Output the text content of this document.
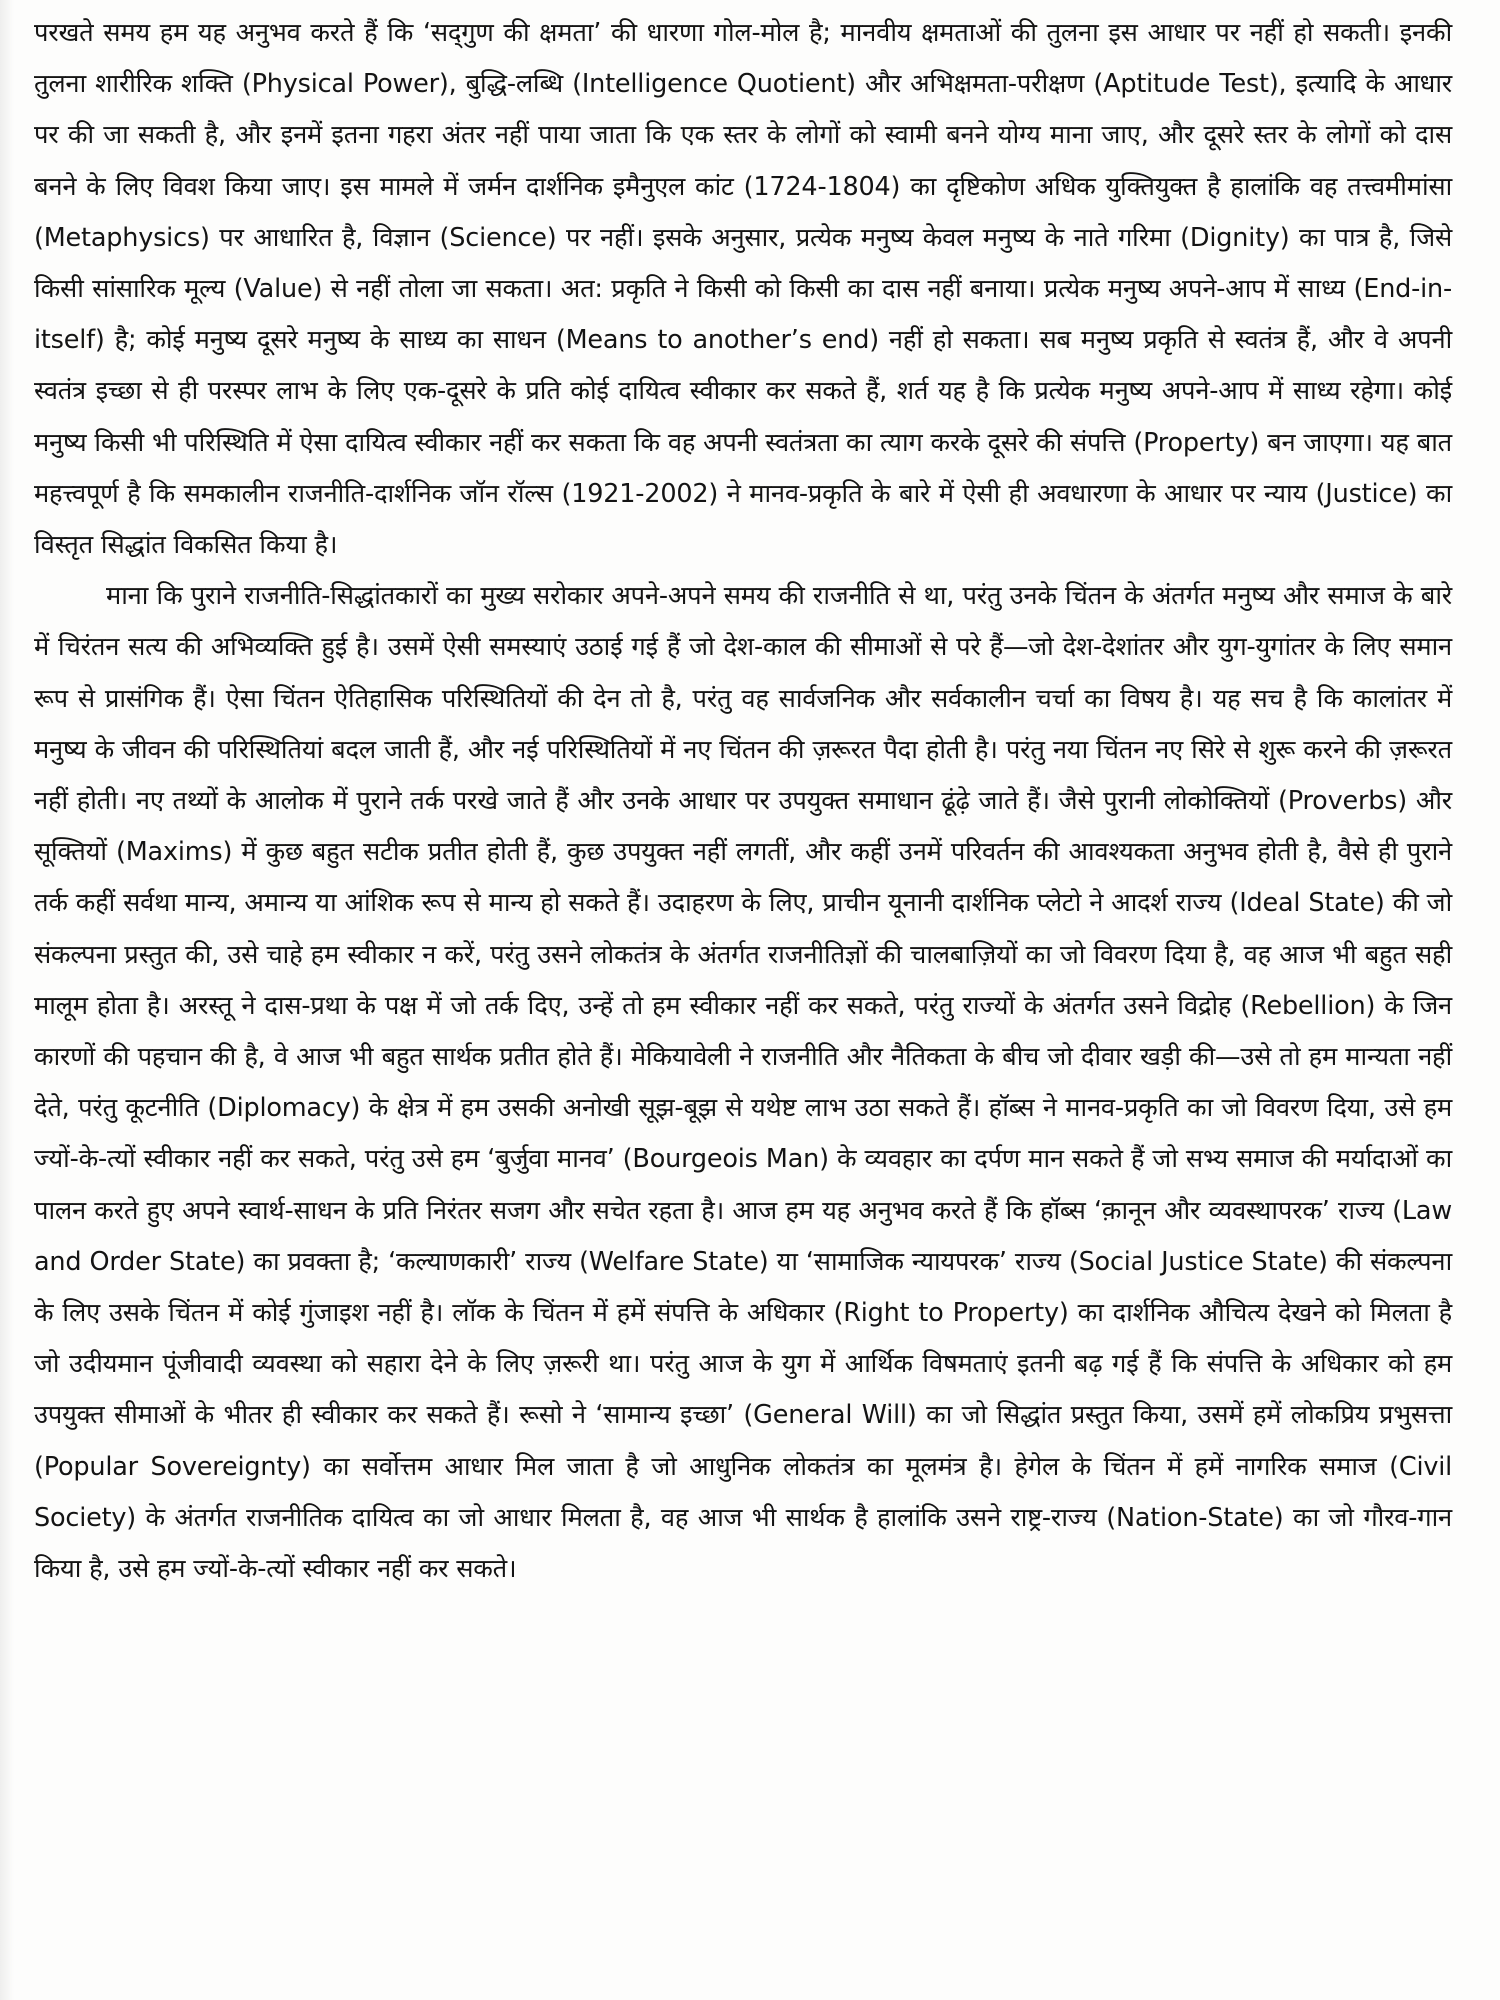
परखते समय हम यह अनुभव करते हैं कि ‘सद्‌गुण की क्षमता’ की धारणा गोल-मोल है; मानवीय क्षमताओं की तुलना इस आधार पर नहीं हो सकती। इनकी तुलना शारीरिक शक्ति (Physical Power), बुद्धि-लब्धि (Intelligence Quotient) और अभिक्षमता-परीक्षण (Aptitude Test), इत्यादि के आधार पर की जा सकती है, और इनमें इतना गहरा अंतर नहीं पाया जाता कि एक स्तर के लोगों को स्वामी बनने योग्य माना जाए, और दूसरे स्तर के लोगों को दास बनने के लिए विवश किया जाए। इस मामले में जर्मन दार्शनिक इमैनुएल कांट (1724-1804) का दृष्टिकोण अधिक युक्तियुक्त है हालांकि वह तत्त्वमीमांसा (Metaphysics) पर आधारित है, विज्ञान (Science) पर नहीं। इसके अनुसार, प्रत्येक मनुष्य केवल मनुष्य के नाते गरिमा (Dignity) का पात्र है, जिसे किसी सांसारिक मूल्य (Value) से नहीं तोला जा सकता। अत: प्रकृति ने किसी को किसी का दास नहीं बनाया। प्रत्येक मनुष्य अपने-आप में साध्य (End-in-itself) है; कोई मनुष्य दूसरे मनुष्य के साध्य का साधन (Means to another’s end) नहीं हो सकता। सब मनुष्य प्रकृति से स्वतंत्र हैं, और वे अपनी स्वतंत्र इच्छा से ही परस्पर लाभ के लिए एक-दूसरे के प्रति कोई दायित्व स्वीकार कर सकते हैं, शर्त यह है कि प्रत्येक मनुष्य अपने-आप में साध्य रहेगा। कोई मनुष्य किसी भी परिस्थिति में ऐसा दायित्व स्वीकार नहीं कर सकता कि वह अपनी स्वतंत्रता का त्याग करके दूसरे की संपत्ति (Property) बन जाएगा। यह बात महत्त्वपूर्ण है कि समकालीन राजनीति-दार्शनिक जॉन रॉल्स (1921-2002) ने मानव-प्रकृति के बारे में ऐसी ही अवधारणा के आधार पर न्याय (Justice) का विस्तृत सिद्धांत विकसित किया है।

माना कि पुराने राजनीति-सिद्धांतकारों का मुख्य सरोकार अपने-अपने समय की राजनीति से था, परंतु उनके चिंतन के अंतर्गत मनुष्य और समाज के बारे में चिरंतन सत्य की अभिव्यक्ति हुई है। उसमें ऐसी समस्याएं उठाई गई हैं जो देश-काल की सीमाओं से परे हैं—जो देश-देशांतर और युग-युगांतर के लिए समान रूप से प्रासंगिक हैं। ऐसा चिंतन ऐतिहासिक परिस्थितियों की देन तो है, परंतु वह सार्वजनिक और सर्वकालीन चर्चा का विषय है। यह सच है कि कालांतर में मनुष्य के जीवन की परिस्थितियां बदल जाती हैं, और नई परिस्थितियों में नए चिंतन की ज़रूरत पैदा होती है। परंतु नया चिंतन नए सिरे से शुरू करने की ज़रूरत नहीं होती। नए तथ्यों के आलोक में पुराने तर्क परखे जाते हैं और उनके आधार पर उपयुक्त समाधान ढूंढ़े जाते हैं। जैसे पुरानी लोकोक्तियों (Proverbs) और सूक्तियों (Maxims) में कुछ बहुत सटीक प्रतीत होती हैं, कुछ उपयुक्त नहीं लगतीं, और कहीं उनमें परिवर्तन की आवश्यकता अनुभव होती है, वैसे ही पुराने तर्क कहीं सर्वथा मान्य, अमान्य या आंशिक रूप से मान्य हो सकते हैं। उदाहरण के लिए, प्राचीन यूनानी दार्शनिक प्लेटो ने आदर्श राज्य (Ideal State) की जो संकल्पना प्रस्तुत की, उसे चाहे हम स्वीकार न करें, परंतु उसने लोकतंत्र के अंतर्गत राजनीतिज्ञों की चालबाज़ियों का जो विवरण दिया है, वह आज भी बहुत सही मालूम होता है। अरस्तू ने दास-प्रथा के पक्ष में जो तर्क दिए, उन्हें तो हम स्वीकार नहीं कर सकते, परंतु राज्यों के अंतर्गत उसने विद्रोह (Rebellion) के जिन कारणों की पहचान की है, वे आज भी बहुत सार्थक प्रतीत होते हैं। मेकियावेली ने राजनीति और नैतिकता के बीच जो दीवार खड़ी की—उसे तो हम मान्यता नहीं देते, परंतु कूटनीति (Diplomacy) के क्षेत्र में हम उसकी अनोखी सूझ-बूझ से यथेष्ट लाभ उठा सकते हैं। हॉब्स ने मानव-प्रकृति का जो विवरण दिया, उसे हम ज्यों-के-त्यों स्वीकार नहीं कर सकते, परंतु उसे हम ‘बुर्जुवा मानव’ (Bourgeois Man) के व्यवहार का दर्पण मान सकते हैं जो सभ्य समाज की मर्यादाओं का पालन करते हुए अपने स्वार्थ-साधन के प्रति निरंतर सजग और सचेत रहता है। आज हम यह अनुभव करते हैं कि हॉब्स ‘क़ानून और व्यवस्थापरक’ राज्य (Law and Order State) का प्रवक्ता है; ‘कल्याणकारी’ राज्य (Welfare State) या ‘सामाजिक न्यायपरक’ राज्य (Social Justice State) की संकल्पना के लिए उसके चिंतन में कोई गुंजाइश नहीं है। लॉक के चिंतन में हमें संपत्ति के अधिकार (Right to Property) का दार्शनिक औचित्य देखने को मिलता है जो उदीयमान पूंजीवादी व्यवस्था को सहारा देने के लिए ज़रूरी था। परंतु आज के युग में आर्थिक विषमताएं इतनी बढ़ गई हैं कि संपत्ति के अधिकार को हम उपयुक्त सीमाओं के भीतर ही स्वीकार कर सकते हैं। रूसो ने ‘सामान्य इच्छा’ (General Will) का जो सिद्धांत प्रस्तुत किया, उसमें हमें लोकप्रिय प्रभुसत्ता (Popular Sovereignty) का सर्वोत्तम आधार मिल जाता है जो आधुनिक लोकतंत्र का मूलमंत्र है। हेगेल के चिंतन में हमें नागरिक समाज (Civil Society) के अंतर्गत राजनीतिक दायित्व का जो आधार मिलता है, वह आज भी सार्थक है हालांकि उसने राष्ट्र-राज्य (Nation-State) का जो गौरव-गान किया है, उसे हम ज्यों-के-त्यों स्वीकार नहीं कर सकते।
